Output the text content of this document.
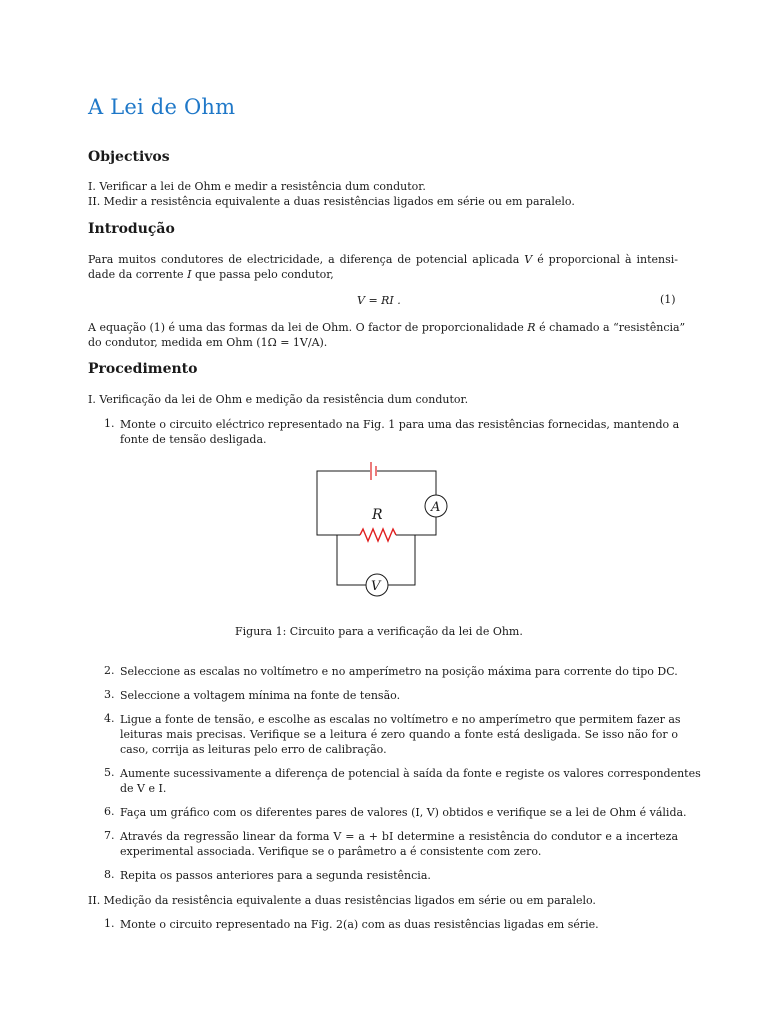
A Lei de Ohm
Objectivos
I. Verificar a lei de Ohm e medir a resistência dum condutor.
II. Medir a resistência equivalente a duas resistências ligados em série ou em paralelo.
Introdução
Para muitos condutores de electricidade, a diferença de potencial aplicada V é proporcional à intensi-
dade da corrente I que passa pelo condutor,
V = RI .	(1)
A equação (1) é uma das formas da lei de Ohm. O factor de proporcionalidade R é chamado a “resistência”
do condutor, medida em Ohm (1Ω = 1V/A).
Procedimento
I. Verificação da lei de Ohm e medição da resistência dum condutor.
1. Monte o circuito eléctrico representado na Fig. 1 para uma das resistências fornecidas, mantendo a
fonte de tensão desligada.
R	A
V
Figura 1: Circuito para a verificação da lei de Ohm.
2. Seleccione as escalas no voltímetro e no amperímetro na posição máxima para corrente do tipo DC.
3. Seleccione a voltagem mínima na fonte de tensão.
4. Ligue a fonte de tensão, e escolhe as escalas no voltímetro e no amperímetro que permitem fazer as
leituras mais precisas. Verifique se a leitura é zero quando a fonte está desligada. Se isso não for o
caso, corrija as leituras pelo erro de calibração.
5. Aumente sucessivamente a diferença de potencial à saída da fonte e registe os valores correspondentes
de V e I.
6. Faça um gráfico com os diferentes pares de valores (I, V) obtidos e verifique se a lei de Ohm é válida.
7. Através da regressão linear da forma V = a + bI determine a resistência do condutor e a incerteza
experimental associada. Verifique se o parâmetro a é consistente com zero.
8. Repita os passos anteriores para a segunda resistência.
II. Medição da resistência equivalente a duas resistências ligados em série ou em paralelo.
1. Monte o circuito representado na Fig. 2(a) com as duas resistências ligadas em série.
